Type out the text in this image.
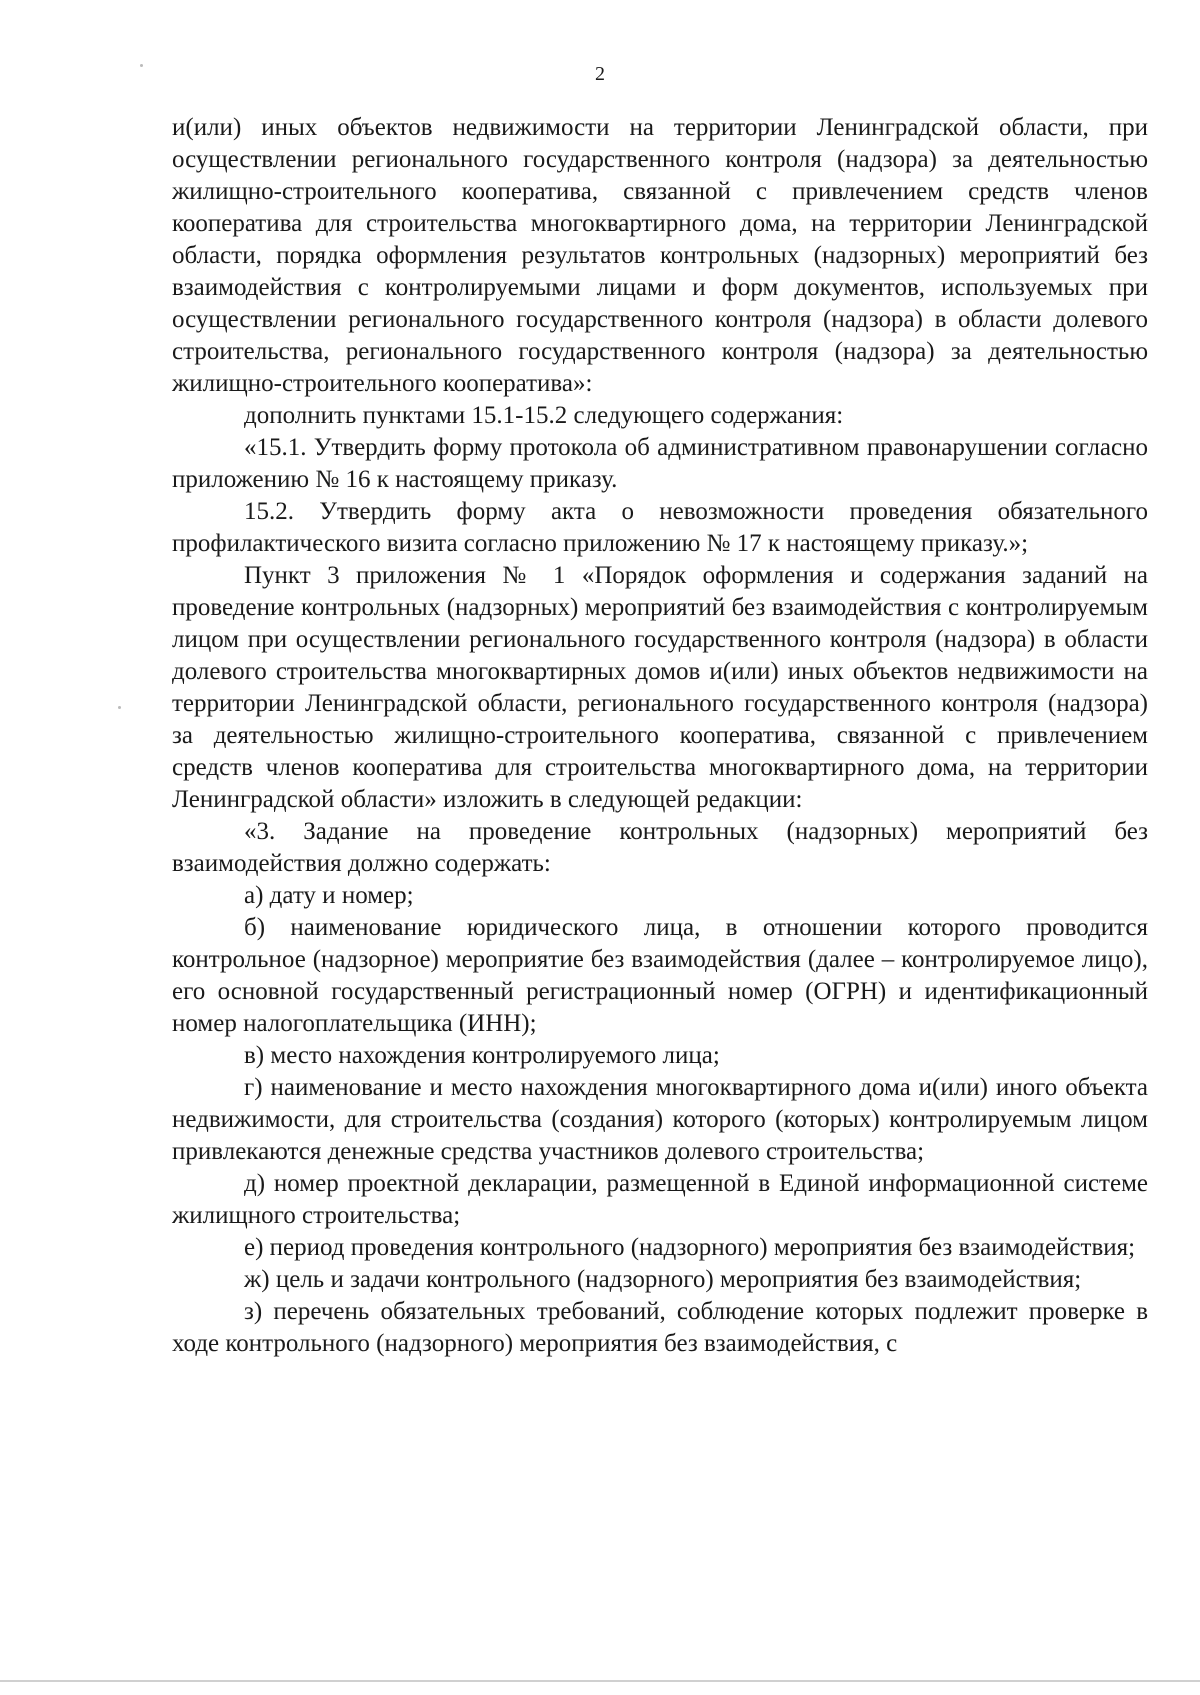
2

и(или) иных объектов недвижимости на территории Ленинградской области, при осуществлении регионального государственного контроля (надзора) за деятельностью жилищно-строительного кооператива, связанной с привлечением средств членов кооператива для строительства многоквартирного дома, на территории Ленинградской области, порядка оформления результатов контрольных (надзорных) мероприятий без взаимодействия с контролируемыми лицами и форм документов, используемых при осуществлении регионального государственного контроля (надзора) в области долевого строительства, регионального государственного контроля (надзора) за деятельностью жилищно-строительного кооператива»:

дополнить пунктами 15.1-15.2 следующего содержания:

«15.1. Утвердить форму протокола об административном правонарушении согласно приложению № 16 к настоящему приказу.

15.2. Утвердить форму акта о невозможности проведения обязательного профилактического визита согласно приложению № 17 к настоящему приказу.»;

Пункт 3 приложения № 1 «Порядок оформления и содержания заданий на проведение контрольных (надзорных) мероприятий без взаимодействия с контролируемым лицом при осуществлении регионального государственного контроля (надзора) в области долевого строительства многоквартирных домов и(или) иных объектов недвижимости на территории Ленинградской области, регионального государственного контроля (надзора) за деятельностью жилищно-строительного кооператива, связанной с привлечением средств членов кооператива для строительства многоквартирного дома, на территории Ленинградской области» изложить в следующей редакции:

«3. Задание на проведение контрольных (надзорных) мероприятий без взаимодействия должно содержать:

а) дату и номер;

б) наименование юридического лица, в отношении которого проводится контрольное (надзорное) мероприятие без взаимодействия (далее – контролируемое лицо), его основной государственный регистрационный номер (ОГРН) и идентификационный номер налогоплательщика (ИНН);

в) место нахождения контролируемого лица;

г) наименование и место нахождения многоквартирного дома и(или) иного объекта недвижимости, для строительства (создания) которого (которых) контролируемым лицом привлекаются денежные средства участников долевого строительства;

д) номер проектной декларации, размещенной в Единой информационной системе жилищного строительства;

е) период проведения контрольного (надзорного) мероприятия без взаимодействия;

ж) цель и задачи контрольного (надзорного) мероприятия без взаимодействия;

з) перечень обязательных требований, соблюдение которых подлежит проверке в ходе контрольного (надзорного) мероприятия без взаимодействия, с
